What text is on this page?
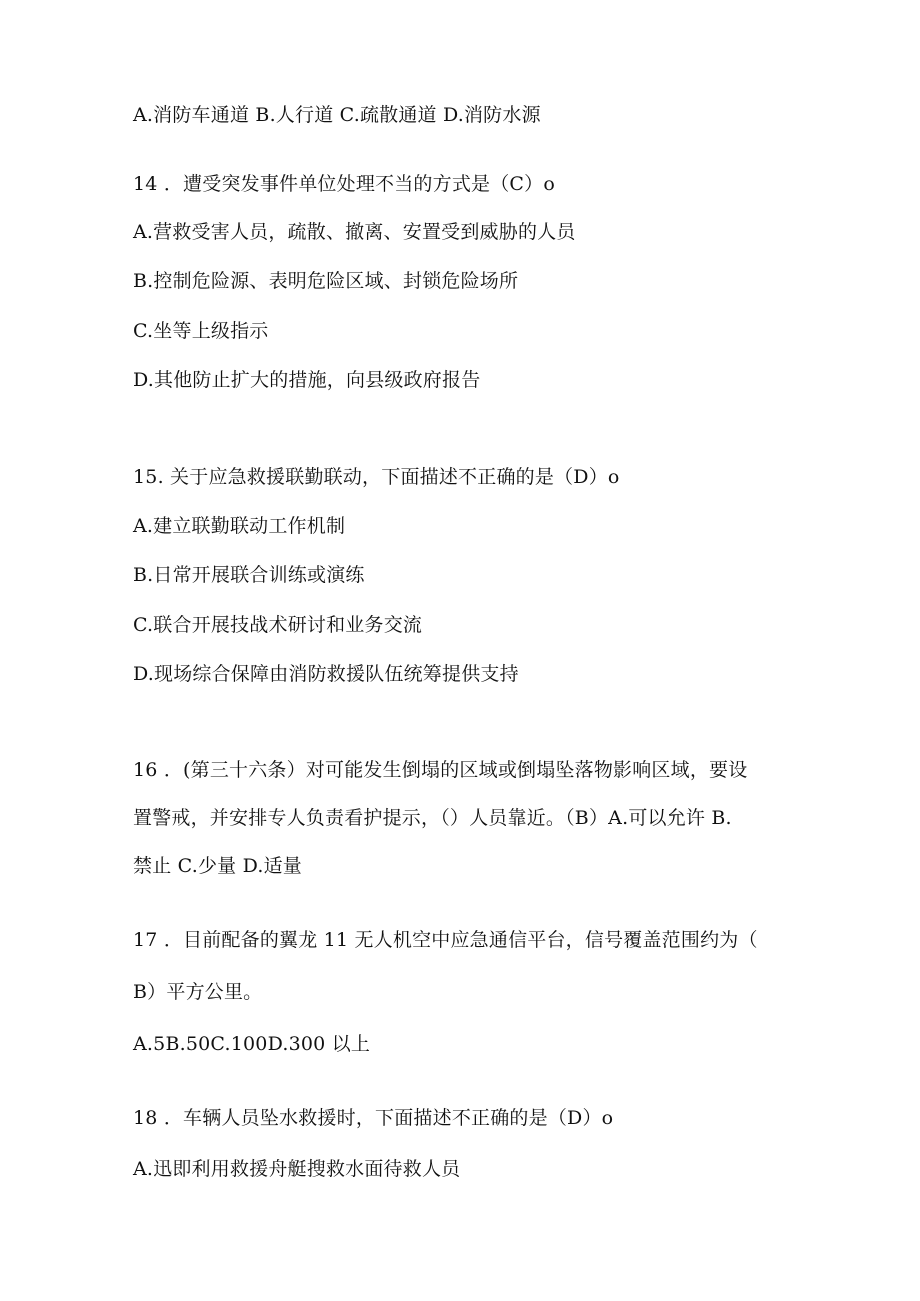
A.消防车通道 B.人行道 C.疏散通道 D.消防水源
14 ．遭受突发事件单位处理不当的方式是（C）o
A.营救受害人员，疏散、撤离、安置受到威胁的人员
B.控制危险源、表明危险区域、封锁危险场所
C.坐等上级指示
D.其他防止扩大的措施，向县级政府报告
15. 关于应急救援联勤联动，下面描述不正确的是（D）o
A.建立联勤联动工作机制
B.日常开展联合训练或演练
C.联合开展技战术研讨和业务交流
D.现场综合保障由消防救援队伍统筹提供支持
16 ．(第三十六条）对可能发生倒塌的区域或倒塌坠落物影响区域，要设
置警戒，并安排专人负责看护提示，（）人员靠近。（B）A.可以允许 B.
禁止 C.少量 D.适量
17 ．目前配备的翼龙 11 无人机空中应急通信平台，信号覆盖范围约为（
B）平方公里。
A.5B.50C.100D.300 以上
18 ．车辆人员坠水救援时，下面描述不正确的是（D）o
A.迅即利用救援舟艇搜救水面待救人员
